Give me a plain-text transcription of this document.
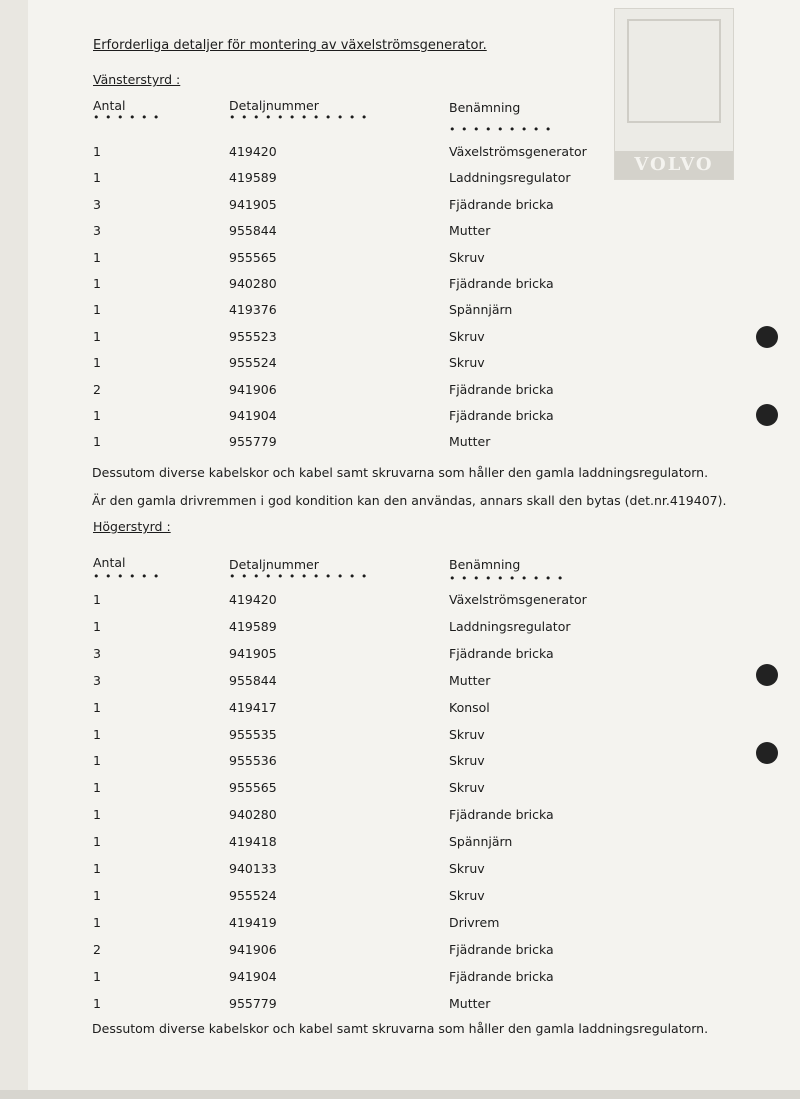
VOLVO
Erforderliga detaljer för montering av växelströmsgenerator.
Vänsterstyrd :
Antal	Detaljnummer	Benämning
• • • • • •	• • • • • • • • • • • •
• • • • • • • • •
1	419420	Växelströmsgenerator
1	419589	Laddningsregulator
3	941905	Fjädrande bricka
3	955844	Mutter
1	955565	Skruv
1	940280	Fjädrande bricka
1	419376	Spännjärn
1	955523	Skruv
1	955524	Skruv
2	941906	Fjädrande bricka
1	941904	Fjädrande bricka
1	955779	Mutter
Dessutom diverse kabelskor och kabel samt skruvarna som håller den gamla laddningsregulatorn.
Är den gamla drivremmen i god kondition kan den användas, annars skall den bytas (det.nr.419407).
Högerstyrd :
Antal	Detaljnummer	Benämning
• • • • • •	• • • • • • • • • • • •	• • • • • • • • • •
1	419420	Växelströmsgenerator
1	419589	Laddningsregulator
3	941905	Fjädrande bricka
3	955844	Mutter
1	419417	Konsol
1	955535	Skruv
1	955536	Skruv
1	955565	Skruv
1	940280	Fjädrande bricka
1	419418	Spännjärn
1	940133	Skruv
1	955524	Skruv
1	419419	Drivrem
2	941906	Fjädrande bricka
1	941904	Fjädrande bricka
1	955779	Mutter
Dessutom diverse kabelskor och kabel samt skruvarna som håller den gamla laddningsregulatorn.
